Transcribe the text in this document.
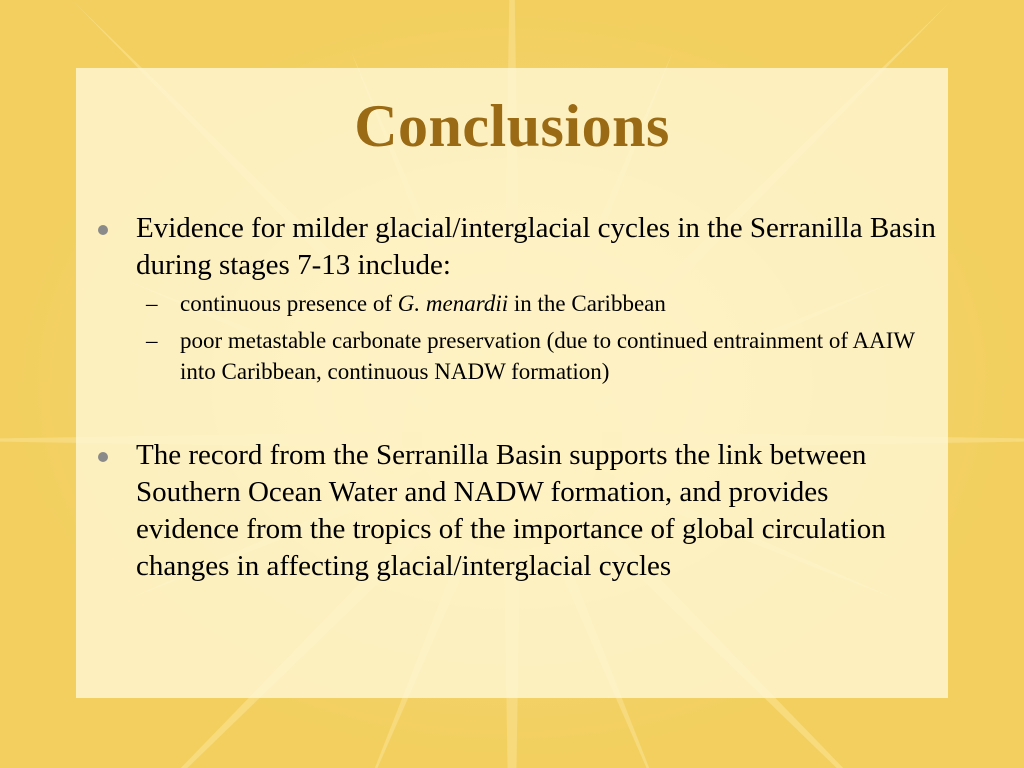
Conclusions
Evidence for milder glacial/interglacial cycles in the Serranilla Basin during stages 7-13 include:
– continuous presence of G. menardii in the Caribbean
– poor metastable carbonate preservation (due to continued entrainment of AAIW into Caribbean, continuous NADW formation)
The record from the Serranilla Basin supports the link between Southern Ocean Water and NADW formation, and provides evidence from the tropics of the importance of global circulation changes in affecting glacial/interglacial cycles
